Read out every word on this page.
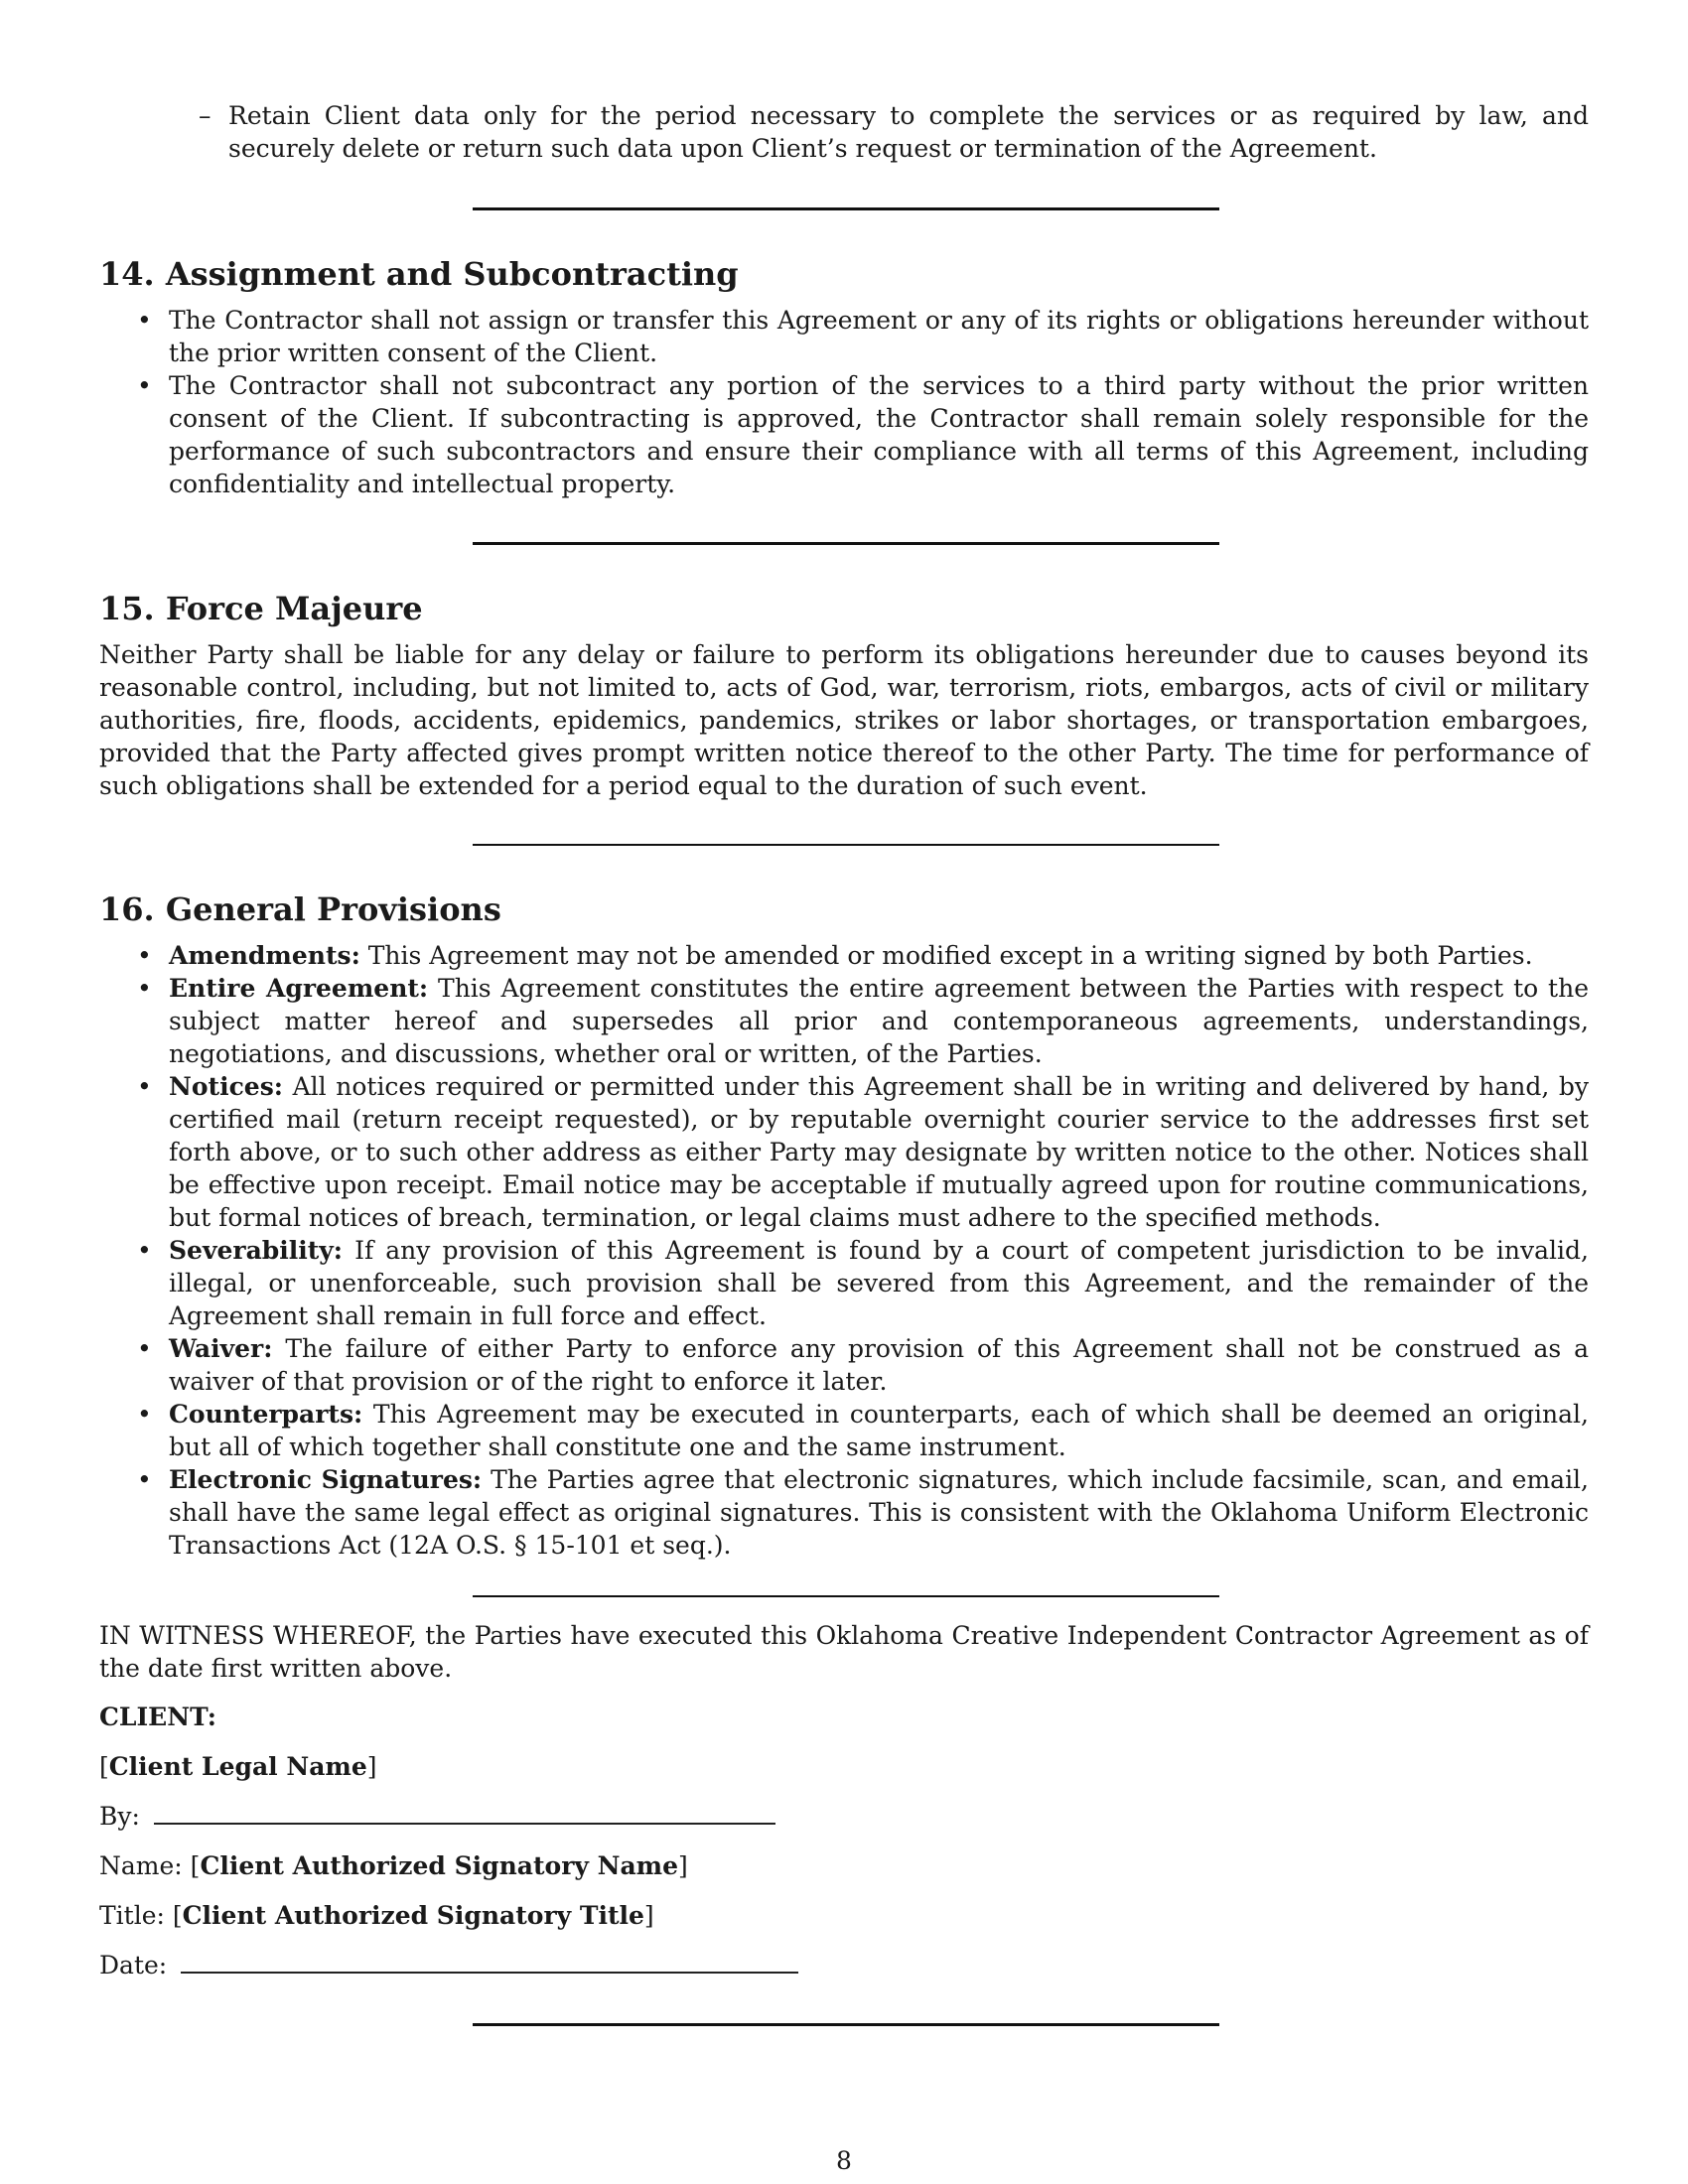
– Retain Client data only for the period necessary to complete the services or as required by law, and securely delete or return such data upon Client’s request or termination of the Agreement.
14. Assignment and Subcontracting
• The Contractor shall not assign or transfer this Agreement or any of its rights or obligations hereunder without the prior written consent of the Client.
• The Contractor shall not subcontract any portion of the services to a third party without the prior written consent of the Client. If subcontracting is approved, the Contractor shall remain solely responsible for the performance of such subcontractors and ensure their compliance with all terms of this Agreement, including confidentiality and intellectual property.
15. Force Majeure

Neither Party shall be liable for any delay or failure to perform its obligations hereunder due to causes beyond its reasonable control, including, but not limited to, acts of God, war, terrorism, riots, embargos, acts of civil or military authorities, fire, floods, accidents, epidemics, pandemics, strikes or labor shortages, or transportation embargoes, provided that the Party affected gives prompt written notice thereof to the other Party. The time for performance of such obligations shall be extended for a period equal to the duration of such event.

16. General Provisions
• Amendments: This Agreement may not be amended or modified except in a writing signed by both Parties.
• Entire Agreement: This Agreement constitutes the entire agreement between the Parties with respect to the subject matter hereof and supersedes all prior and contemporaneous agreements, understandings, negotiations, and discussions, whether oral or written, of the Parties.
• Notices: All notices required or permitted under this Agreement shall be in writing and delivered by hand, by certified mail (return receipt requested), or by reputable overnight courier service to the addresses first set forth above, or to such other address as either Party may designate by written notice to the other. Notices shall be effective upon receipt. Email notice may be acceptable if mutually agreed upon for routine communications, but formal notices of breach, termination, or legal claims must adhere to the specified methods.
• Severability: If any provision of this Agreement is found by a court of competent jurisdiction to be invalid, illegal, or unenforceable, such provision shall be severed from this Agreement, and the remainder of the Agreement shall remain in full force and effect.
• Waiver: The failure of either Party to enforce any provision of this Agreement shall not be construed as a waiver of that provision or of the right to enforce it later.
• Counterparts: This Agreement may be executed in counterparts, each of which shall be deemed an original, but all of which together shall constitute one and the same instrument.
• Electronic Signatures: The Parties agree that electronic signatures, which include facsimile, scan, and email, shall have the same legal effect as original signatures. This is consistent with the Oklahoma Uniform Electronic Transactions Act (12A O.S. § 15-101 et seq.).

IN WITNESS WHEREOF, the Parties have executed this Oklahoma Creative Independent Contractor Agreement as of the date first written above.

CLIENT:

[Client Legal Name]

By:

Name: [Client Authorized Signatory Name]

Title: [Client Authorized Signatory Title]

Date:

8
